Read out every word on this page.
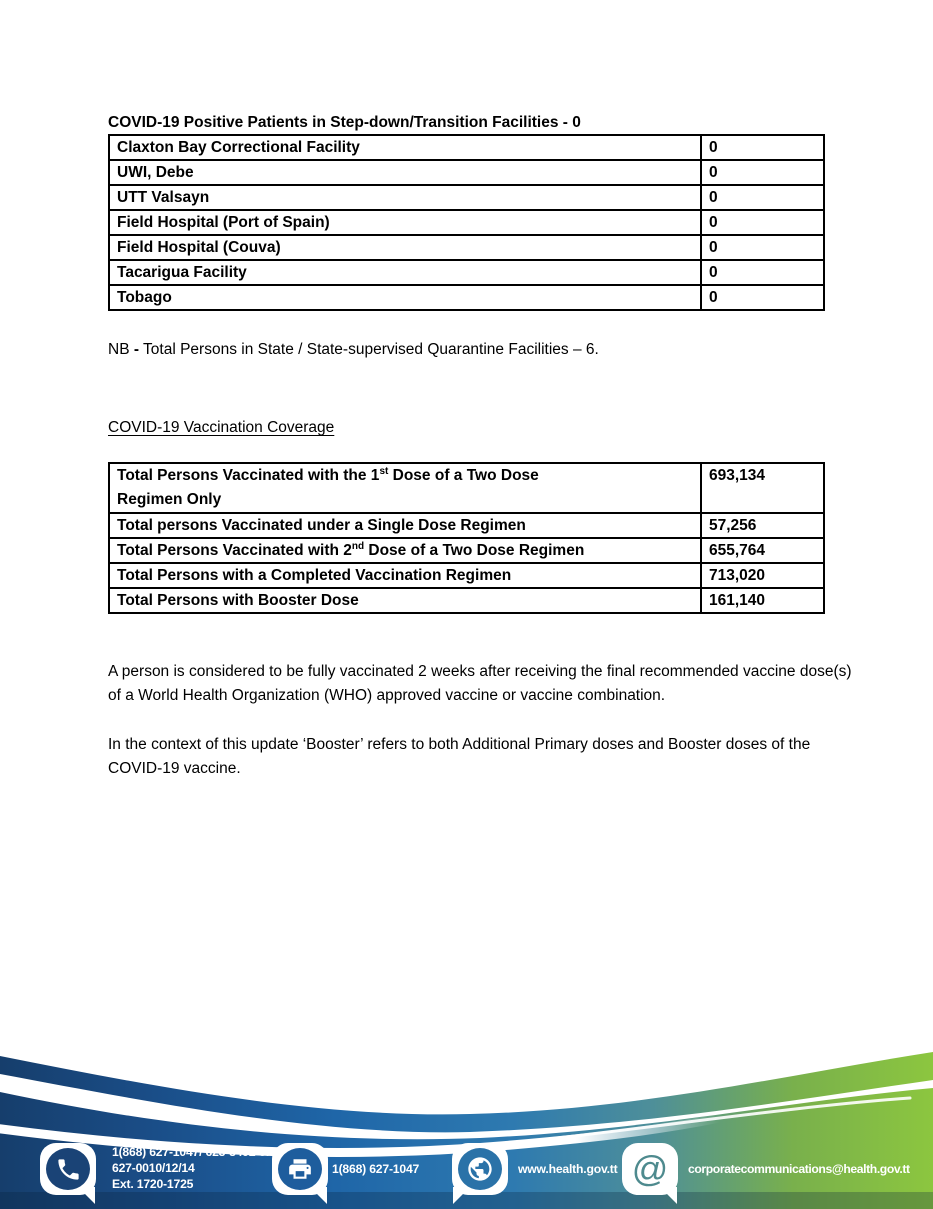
COVID-19 Positive Patients in Step-down/Transition Facilities - 0
Claxton Bay Correctional Facility	0
UWI, Debe	0
UTT Valsayn	0
Field Hospital (Port of Spain)	0
Field Hospital (Couva)	0
Tacarigua Facility	0
Tobago	0

NB - Total Persons in State / State-supervised Quarantine Facilities – 6.

COVID-19 Vaccination Coverage
Total Persons Vaccinated with the 1st Dose of a Two Dose
Regimen Only	693,134
Total persons Vaccinated under a Single Dose Regimen	57,256
Total Persons Vaccinated with 2nd Dose of a Two Dose Regimen	655,764
Total Persons with a Completed Vaccination Regimen	713,020
Total Persons with Booster Dose	161,140

A person is considered to be fully vaccinated 2 weeks after receiving the final recommended vaccine dose(s) of a World Health Organization (WHO) approved vaccine or vaccine combination.

In the context of this update ‘Booster’ refers to both Additional Primary doses and Booster doses of the COVID-19 vaccine.

1(868) 627-1047/ 623-8492 or
627-0010/12/14
Ext. 1720-1725
1(868) 627-1047	www.health.gov.tt @	corporatecommunications@health.gov.tt
